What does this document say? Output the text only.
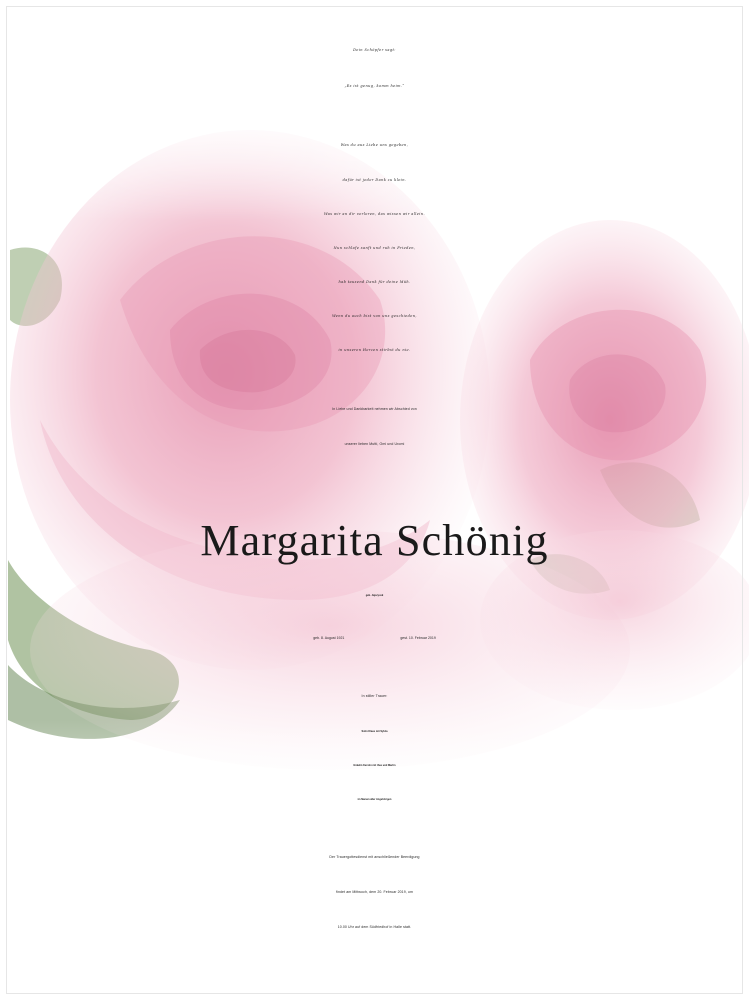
Dein Schöpfer sagt:
„Es ist genug, komm heim.“
Was du aus Liebe uns gegeben,
dafür ist jeder Dank zu klein.
Was wir an dir verloren, das wissen wir allein.
Nun schlafe sanft und ruh in Frieden,
hab tausend Dank für deine Müh.
Wenn du auch bist von uns geschieden,
in unseren Herzen stirbst du nie.
In Liebe und Dankbarkeit nehmen wir Abschied von
unserer lieben Mutti, Omi und Uromi
Margarita Schönig
geb. Jajszycek
geb. 8. August 1921	gest. 10. Februar 2019
In stiller Trauer:
Sohn Klaus mit Sylvia
Enkelin Kerstin mit Uwe und Martin
im Namen aller Angehörigen
Der Trauergottesdienst mit anschließender Beerdigung
findet am Mittwoch, dem 20. Februar 2019, um
10.00 Uhr auf dem Südfriedhof in Halle statt.
